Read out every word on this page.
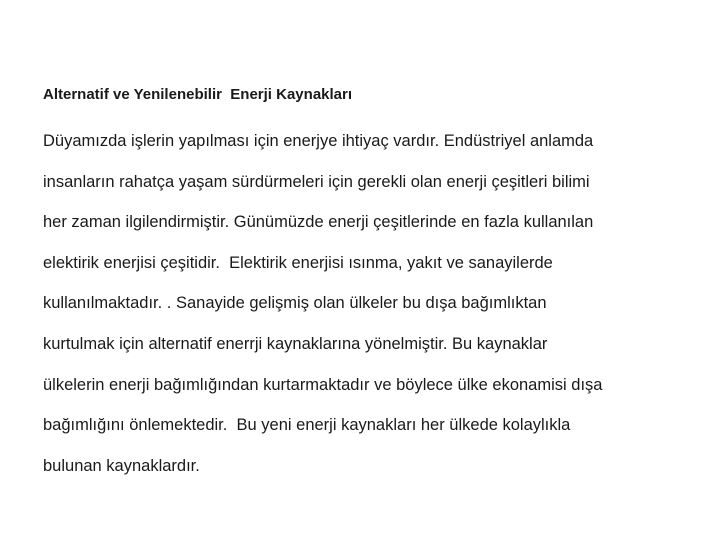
Alternatif ve Yenilenebilir  Enerji Kaynakları
Düyamızda işlerin yapılması için enerjye ihtiyaç vardır. Endüstriyel anlamda
insanların rahatça yaşam sürdürmeleri için gerekli olan enerji çeşitleri bilimi
her zaman ilgilendirmiştir. Günümüzde enerji çeşitlerinde en fazla kullanılan
elektirik enerjisi çeşitidir.  Elektirik enerjisi ısınma, yakıt ve sanayilerde
kullanılmaktadır. . Sanayide gelişmiş olan ülkeler bu dışa bağımlıktan
kurtulmak için alternatif enerrji kaynaklarına yönelmiştir. Bu kaynaklar
ülkelerin enerji bağımlığından kurtarmaktadır ve böylece ülke ekonamisi dışa
bağımlığını önlemektedir.  Bu yeni enerji kaynakları her ülkede kolaylıkla
bulunan kaynaklardır.
